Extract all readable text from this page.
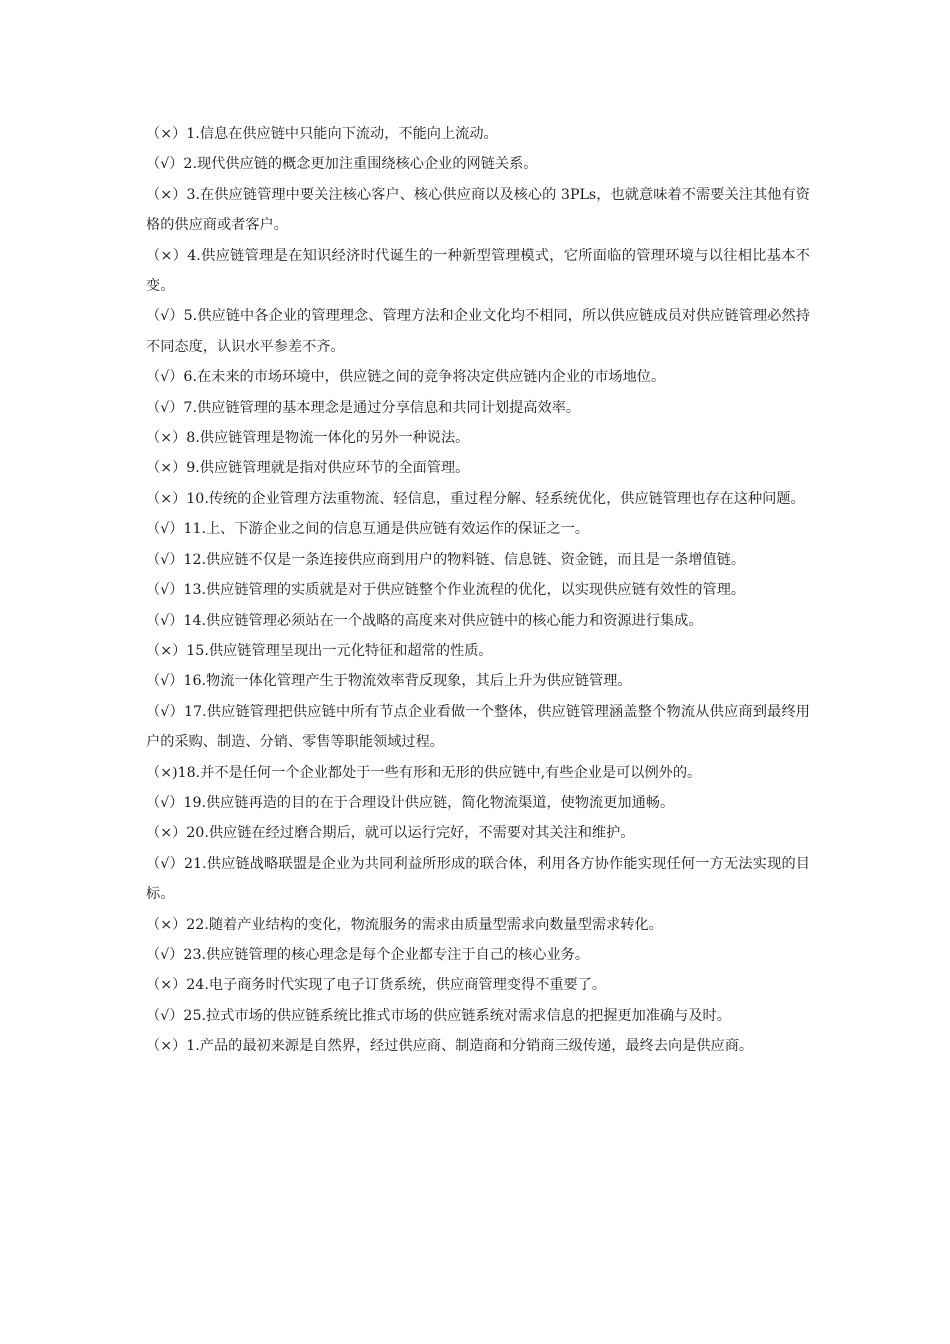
（×）1.信息在供应链中只能向下流动，不能向上流动。

（√）2.现代供应链的概念更加注重围绕核心企业的网链关系。

（×）3.在供应链管理中要关注核心客户、核心供应商以及核心的 3PLs，也就意味着不需要关注其他有资格的供应商或者客户。

（×）4.供应链管理是在知识经济时代诞生的一种新型管理模式，它所面临的管理环境与以往相比基本不变。

（√）5.供应链中各企业的管理理念、管理方法和企业文化均不相同，所以供应链成员对供应链管理必然持不同态度，认识水平参差不齐。

（√）6.在未来的市场环境中，供应链之间的竞争将决定供应链内企业的市场地位。

（√）7.供应链管理的基本理念是通过分享信息和共同计划提高效率。

（×）8.供应链管理是物流一体化的另外一种说法。

（×）9.供应链管理就是指对供应环节的全面管理。

（×）10.传统的企业管理方法重物流、轻信息，重过程分解、轻系统优化，供应链管理也存在这种问题。

（√）11.上、下游企业之间的信息互通是供应链有效运作的保证之一。

（√）12.供应链不仅是一条连接供应商到用户的物料链、信息链、资金链，而且是一条增值链。

（√）13.供应链管理的实质就是对于供应链整个作业流程的优化，以实现供应链有效性的管理。

（√）14.供应链管理必须站在一个战略的高度来对供应链中的核心能力和资源进行集成。

（×）15.供应链管理呈现出一元化特征和超常的性质。

（√）16.物流一体化管理产生于物流效率背反现象，其后上升为供应链管理。

（√）17.供应链管理把供应链中所有节点企业看做一个整体，供应链管理涵盖整个物流从供应商到最终用户的采购、制造、分销、零售等职能领域过程。

（×)18.并不是任何一个企业都处于一些有形和无形的供应链中,有些企业是可以例外的。

（√）19.供应链再造的目的在于合理设计供应链，简化物流渠道，使物流更加通畅。

（×）20.供应链在经过磨合期后，就可以运行完好，不需要对其关注和维护。

（√）21.供应链战略联盟是企业为共同利益所形成的联合体，利用各方协作能实现任何一方无法实现的目标。

（×）22.随着产业结构的变化，物流服务的需求由质量型需求向数量型需求转化。

（√）23.供应链管理的核心理念是每个企业都专注于自己的核心业务。

（×）24.电子商务时代实现了电子订货系统，供应商管理变得不重要了。

（√）25.拉式市场的供应链系统比推式市场的供应链系统对需求信息的把握更加准确与及时。

（×）1.产品的最初来源是自然界，经过供应商、制造商和分销商三级传递，最终去向是供应商。
